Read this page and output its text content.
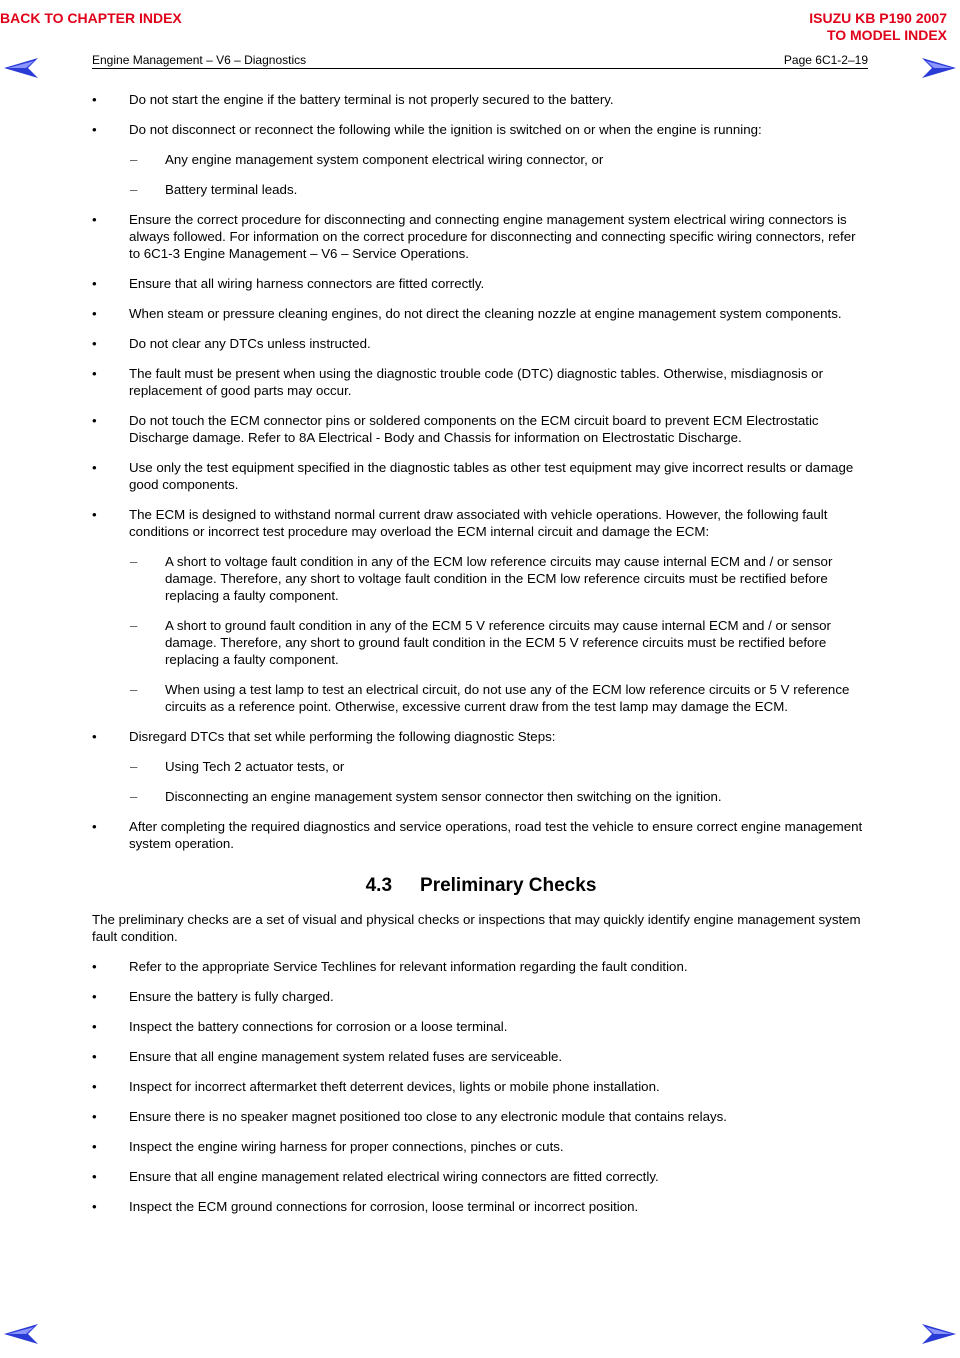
BACK TO CHAPTER INDEX	ISUZU KB P190 2007
TO MODEL INDEX
Engine Management – V6 – Diagnostics	Page 6C1-2–19
• Do not start the engine if the battery terminal is not properly secured to the battery.
• Do not disconnect or reconnect the following while the ignition is switched on or when the engine is running:
– Any engine management system component electrical wiring connector, or
– Battery terminal leads.
• Ensure the correct procedure for disconnecting and connecting engine management system electrical wiring connectors is always followed. For information on the correct procedure for disconnecting and connecting specific wiring connectors, refer to 6C1-3 Engine Management – V6 – Service Operations.
• Ensure that all wiring harness connectors are fitted correctly.
• When steam or pressure cleaning engines, do not direct the cleaning nozzle at engine management system components.
• Do not clear any DTCs unless instructed.
• The fault must be present when using the diagnostic trouble code (DTC) diagnostic tables. Otherwise, misdiagnosis or replacement of good parts may occur.
• Do not touch the ECM connector pins or soldered components on the ECM circuit board to prevent ECM Electrostatic Discharge damage. Refer to 8A Electrical - Body and Chassis for information on Electrostatic Discharge.
• Use only the test equipment specified in the diagnostic tables as other test equipment may give incorrect results or damage good components.
• The ECM is designed to withstand normal current draw associated with vehicle operations. However, the following fault conditions or incorrect test procedure may overload the ECM internal circuit and damage the ECM:
– A short to voltage fault condition in any of the ECM low reference circuits may cause internal ECM and / or sensor damage. Therefore, any short to voltage fault condition in the ECM low reference circuits must be rectified before replacing a faulty component.
– A short to ground fault condition in any of the ECM 5 V reference circuits may cause internal ECM and / or sensor damage. Therefore, any short to ground fault condition in the ECM 5 V reference circuits must be rectified before replacing a faulty component.
– When using a test lamp to test an electrical circuit, do not use any of the ECM low reference circuits or 5 V reference circuits as a reference point. Otherwise, excessive current draw from the test lamp may damage the ECM.
• Disregard DTCs that set while performing the following diagnostic Steps:
– Using Tech 2 actuator tests, or
– Disconnecting an engine management system sensor connector then switching on the ignition.
• After completing the required diagnostics and service operations, road test the vehicle to ensure correct engine management system operation.
4.3 Preliminary Checks

The preliminary checks are a set of visual and physical checks or inspections that may quickly identify engine management system fault condition.

• Refer to the appropriate Service Techlines for relevant information regarding the fault condition.
• Ensure the battery is fully charged.
• Inspect the battery connections for corrosion or a loose terminal.
• Ensure that all engine management system related fuses are serviceable.
• Inspect for incorrect aftermarket theft deterrent devices, lights or mobile phone installation.
• Ensure there is no speaker magnet positioned too close to any electronic module that contains relays.
• Inspect the engine wiring harness for proper connections, pinches or cuts.
• Ensure that all engine management related electrical wiring connectors are fitted correctly.
• Inspect the ECM ground connections for corrosion, loose terminal or incorrect position.
